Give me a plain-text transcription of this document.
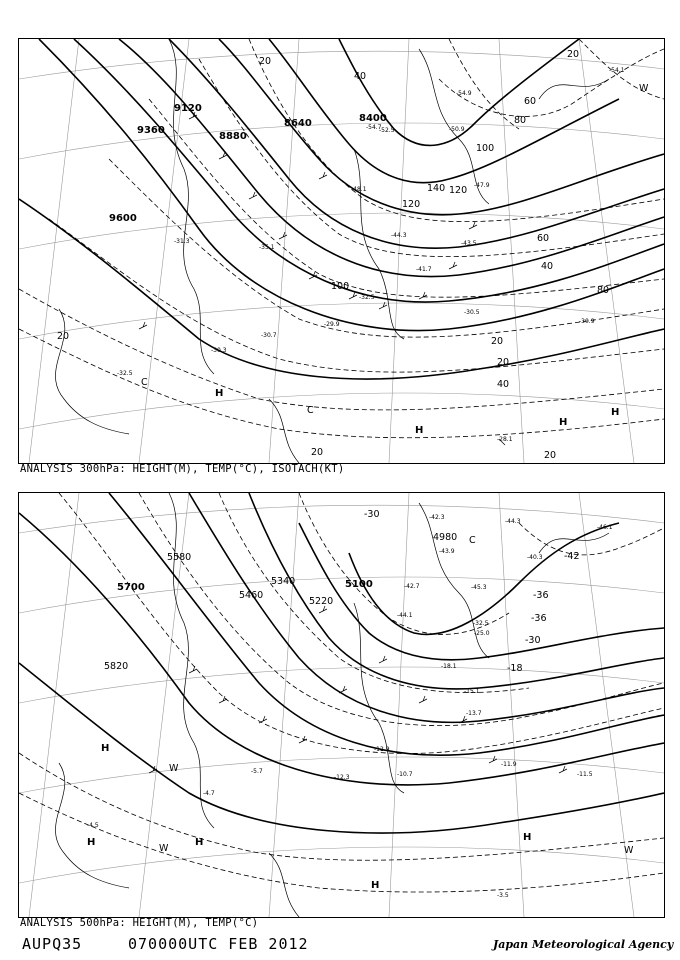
9120
9360
9600
8880
8640	8400
20
40
60
80
100
120
140
20
40
60
80
100
120
20
20
40
20
20	20
H
H
H
H
C
C
W
-54.1
-54.9
-52.5
-54.7	-50.9
-47.9
-48.1
-44.3
-41.7
-43.5
-35.1
-31.3
-32.5
-30.5
-30.7
-29.9	-30.9
-30.3
-32.5
-28.1
ANALYSIS 300hPa: HEIGHT(M), TEMP(°C), ISOTACH(KT)
5700
5580
5460
5340
5220
5100
4980
5820
-30
-36
-42
-36
-30
-18
H
H
H
H
H
W
W	W
C
-42.3
-44.3
-46.1
-40.3
-43.9
-45.3
-44.1
-42.7
-32.5
-25.0
-18.1
-15.1
-13.7
-12.9
-11.9
-11.5
-12.3	-10.7
-4.7
-5.7
-3.5
-4.5
ANALYSIS 500hPa: HEIGHT(M), TEMP(°C)
AUPQ35	070000UTC FEB 2012	Japan Meteorological Agency
